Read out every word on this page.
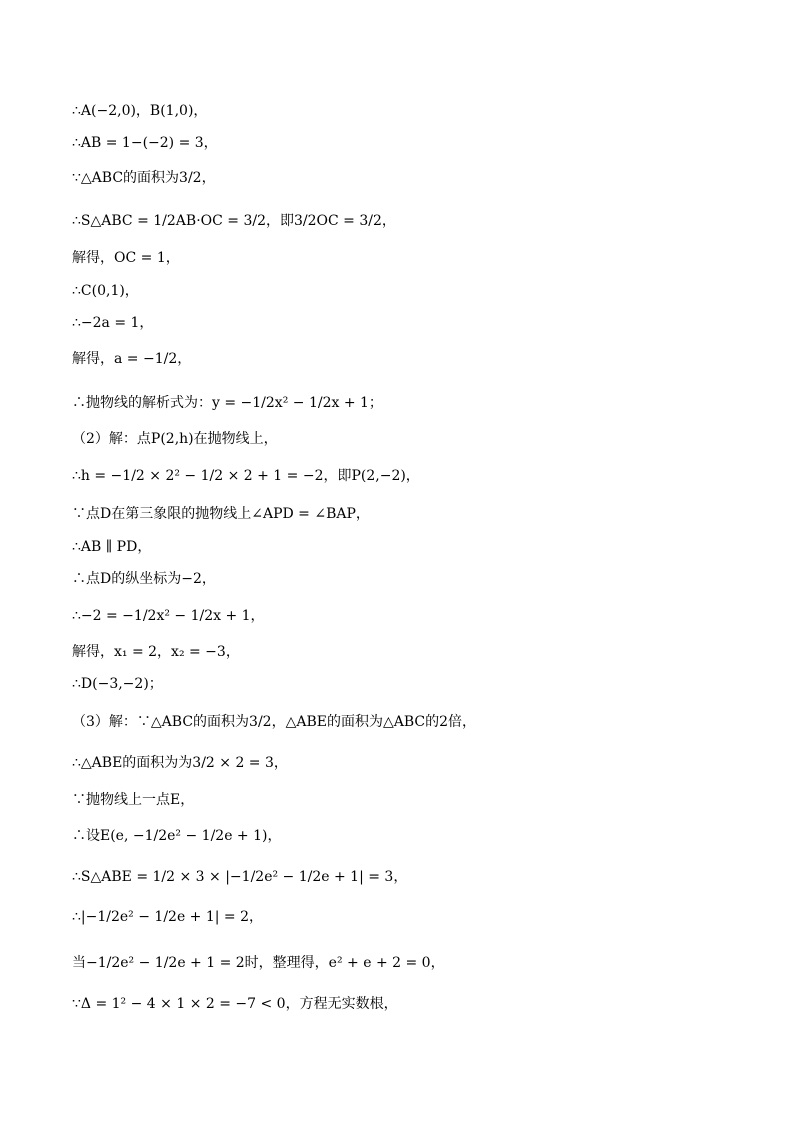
∴A(−2,0)，B(1,0)，
∴AB = 1−(−2) = 3，
∵△ABC的面积为3/2，
∴S△ABC = 1/2AB·OC = 3/2，即3/2OC = 3/2，
解得，OC = 1，
∴C(0,1)，
∴−2a = 1，
解得，a = −1/2，
∴抛物线的解析式为：y = −1/2x² − 1/2x + 1；
（2）解：点P(2,h)在抛物线上，
∴h = −1/2 × 2² − 1/2 × 2 + 1 = −2，即P(2,−2)，
∵点D在第三象限的抛物线上∠APD = ∠BAP，
∴AB ∥ PD，
∴点D的纵坐标为−2，
∴−2 = −1/2x² − 1/2x + 1，
解得，x₁ = 2，x₂ = −3，
∴D(−3,−2)；
（3）解：∵△ABC的面积为3/2，△ABE的面积为△ABC的2倍，
∴△ABE的面积为为3/2 × 2 = 3，
∵抛物线上一点E，
∴设E(e, −1/2e² − 1/2e + 1)，
∴S△ABE = 1/2 × 3 × |−1/2e² − 1/2e + 1| = 3，
∴|−1/2e² − 1/2e + 1| = 2，
当−1/2e² − 1/2e + 1 = 2时，整理得，e² + e + 2 = 0，
∵Δ = 1² − 4 × 1 × 2 = −7 < 0，方程无实数根，
